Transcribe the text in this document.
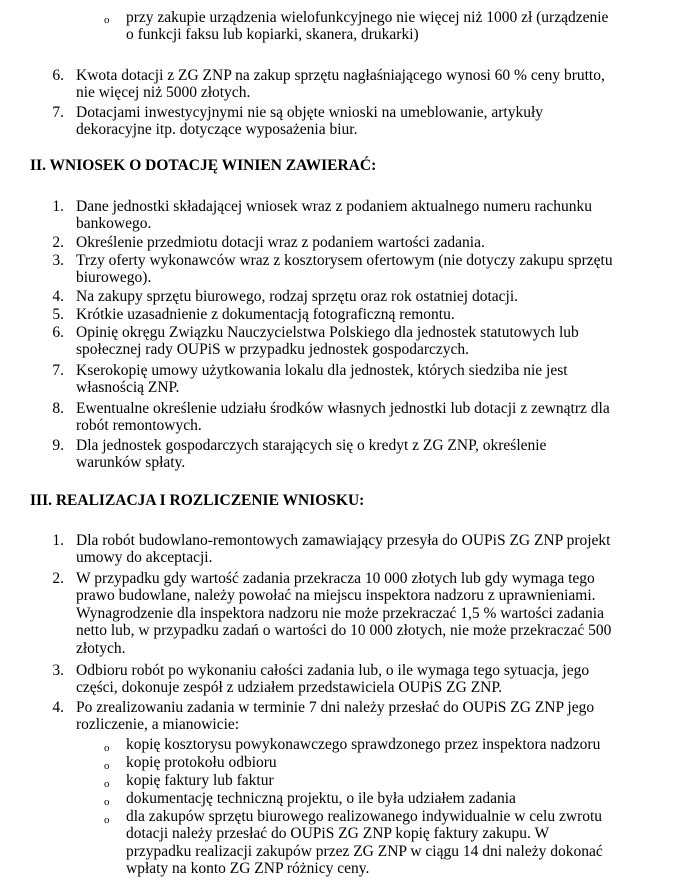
o przy zakupie urządzenia wielofunkcyjnego nie więcej niż 1000 zł (urządzenie
o funkcji faksu lub kopiarki, skanera, drukarki)
6. Kwota dotacji z ZG ZNP na zakup sprzętu nagłaśniającego wynosi 60 % ceny brutto,
nie więcej niż 5000 złotych.
7. Dotacjami inwestycyjnymi nie są objęte wnioski na umeblowanie, artykuły
dekoracyjne itp. dotyczące wyposażenia biur.
II. WNIOSEK O DOTACJĘ WINIEN ZAWIERAĆ:
1. Dane jednostki składającej wniosek wraz z podaniem aktualnego numeru rachunku
bankowego.
2. Określenie przedmiotu dotacji wraz z podaniem wartości zadania.
3. Trzy oferty wykonawców wraz z kosztorysem ofertowym (nie dotyczy zakupu sprzętu
biurowego).
4. Na zakupy sprzętu biurowego, rodzaj sprzętu oraz rok ostatniej dotacji.
5. Krótkie uzasadnienie z dokumentacją fotograficzną remontu.
6. Opinię okręgu Związku Nauczycielstwa Polskiego dla jednostek statutowych lub
społecznej rady OUPiS w przypadku jednostek gospodarczych.
7. Kserokopię umowy użytkowania lokalu dla jednostek, których siedziba nie jest
własnością ZNP.
8. Ewentualne określenie udziału środków własnych jednostki lub dotacji z zewnątrz dla
robót remontowych.
9. Dla jednostek gospodarczych starających się o kredyt z ZG ZNP, określenie
warunków spłaty.
III. REALIZACJA I ROZLICZENIE WNIOSKU:
1. Dla robót budowlano-remontowych zamawiający przesyła do OUPiS ZG ZNP projekt
umowy do akceptacji.
2. W przypadku gdy wartość zadania przekracza 10 000 złotych lub gdy wymaga tego
prawo budowlane, należy powołać na miejscu inspektora nadzoru z uprawnieniami.
Wynagrodzenie dla inspektora nadzoru nie może przekraczać 1,5 % wartości zadania
netto lub, w przypadku zadań o wartości do 10 000 złotych, nie może przekraczać 500
złotych.
3. Odbioru robót po wykonaniu całości zadania lub, o ile wymaga tego sytuacja, jego
części, dokonuje zespół z udziałem przedstawiciela OUPiS ZG ZNP.
4. Po zrealizowaniu zadania w terminie 7 dni należy przesłać do OUPiS ZG ZNP jego
rozliczenie, a mianowicie:
o kopię kosztorysu powykonawczego sprawdzonego przez inspektora nadzoru
o kopię protokołu odbioru
o kopię faktury lub faktur
o dokumentację techniczną projektu, o ile była udziałem zadania
o dla zakupów sprzętu biurowego realizowanego indywidualnie w celu zwrotu
dotacji należy przesłać do OUPiS ZG ZNP kopię faktury zakupu. W
przypadku realizacji zakupów przez ZG ZNP w ciągu 14 dni należy dokonać
wpłaty na konto ZG ZNP różnicy ceny.
